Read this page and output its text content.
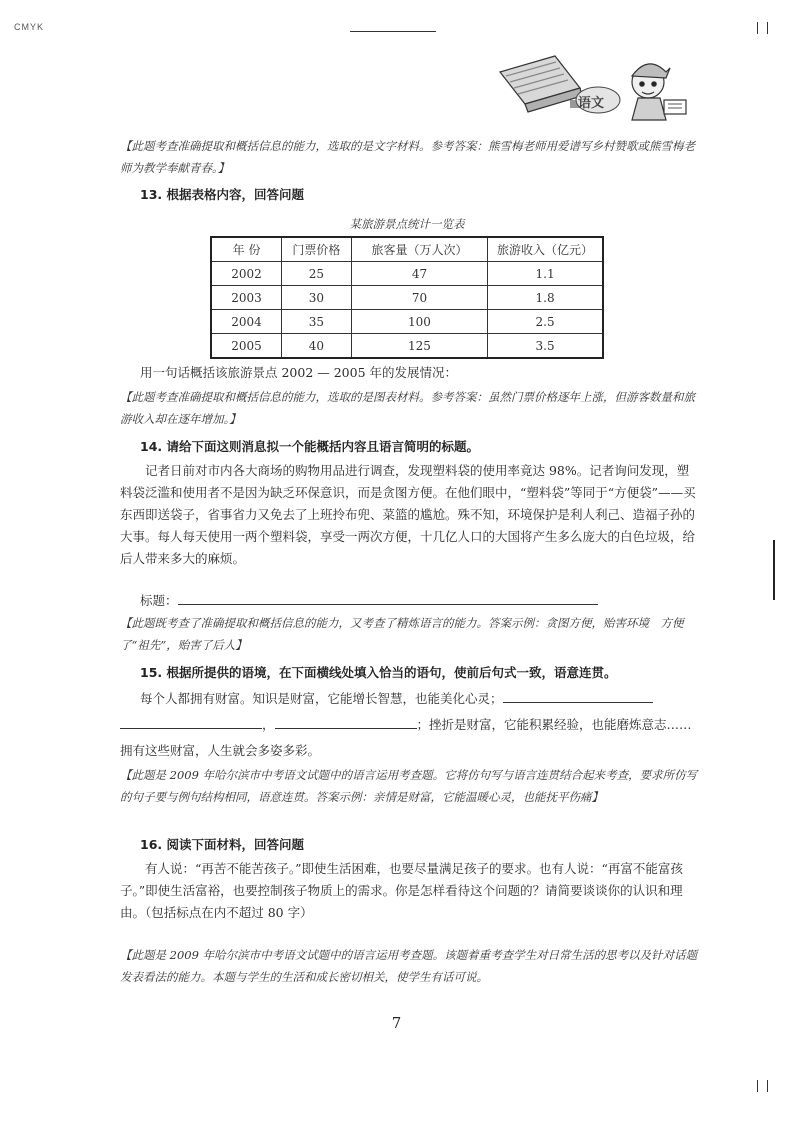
CMYK
语文
【此题考查准确提取和概括信息的能力，选取的是文字材料。参考答案：熊雪梅老师用爱谱写乡村赞歌或熊雪梅老师为教学奉献青春。】
13. 根据表格内容，回答问题
某旅游景点统计一览表
年 份	门票价格	旅客量（万人次）	旅游收入（亿元）
2002	25	47	1.1
2003	30	70	1.8
2004	35	100	2.5
2005	40	125	3.5
用一句话概括该旅游景点 2002 — 2005 年的发展情况：
【此题考查准确提取和概括信息的能力，选取的是图表材料。参考答案：虽然门票价格逐年上涨，但游客数量和旅游收入却在逐年增加。】
14. 请给下面这则消息拟一个能概括内容且语言简明的标题。
记者日前对市内各大商场的购物用品进行调查，发现塑料袋的使用率竟达 98%。记者询问发现，塑料袋泛滥和使用者不是因为缺乏环保意识，而是贪图方便。在他们眼中，“塑料袋”等同于“方便袋”——买东西即送袋子，省事省力又免去了上班拎布兜、菜篮的尴尬。殊不知，环境保护是利人利己、造福子孙的大事。每人每天使用一两个塑料袋，享受一两次方便，十几亿人口的大国将产生多么庞大的白色垃圾，给后人带来多大的麻烦。
标题：
【此题既考查了准确提取和概括信息的能力，又考查了精炼语言的能力。答案示例：贪图方便，贻害环境　方便了“祖先”，贻害了后人】
15. 根据所提供的语境，在下面横线处填入恰当的语句，使前后句式一致，语意连贯。
每个人都拥有财富。知识是财富，它能增长智慧，也能美化心灵；
，	；挫折是财富，它能积累经验，也能磨炼意志……
拥有这些财富，人生就会多姿多彩。
【此题是 2009 年哈尔滨市中考语文试题中的语言运用考查题。它将仿句写与语言连贯结合起来考查，要求所仿写的句子要与例句结构相同，语意连贯。答案示例：亲情是财富，它能温暖心灵，也能抚平伤痛】
16. 阅读下面材料，回答问题
有人说：“再苦不能苦孩子。”即使生活困难，也要尽量满足孩子的要求。也有人说：“再富不能富孩子。”即使生活富裕，也要控制孩子物质上的需求。你是怎样看待这个问题的？请简要谈谈你的认识和理由。（包括标点在内不超过 80 字）
【此题是 2009 年哈尔滨市中考语文试题中的语言运用考查题。该题着重考查学生对日常生活的思考以及针对话题发表看法的能力。本题与学生的生活和成长密切相关，使学生有话可说。
7
